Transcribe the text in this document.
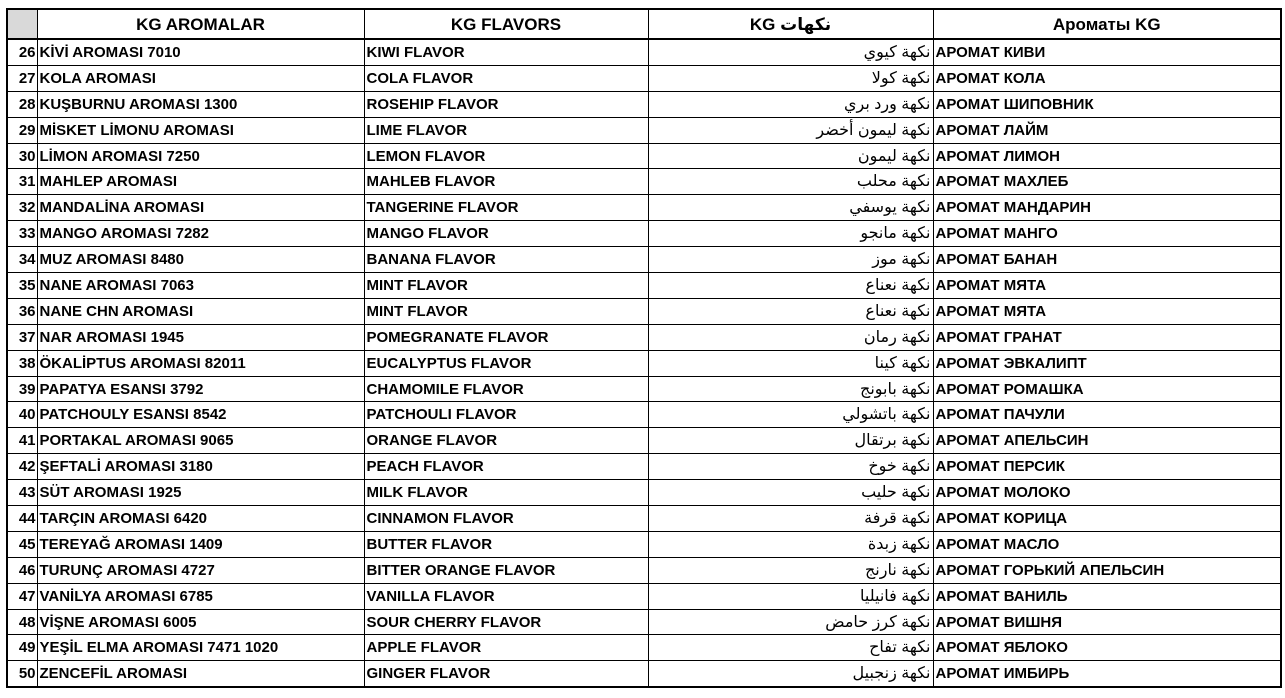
	KG AROMALAR	KG FLAVORS	نكهات KG	Ароматы KG
26	KİVİ AROMASI 7010	KIWI FLAVOR	نكهة كيوي	АРОМАТ КИВИ
27	KOLA AROMASI	COLA FLAVOR	نكهة كولا	АРОМАТ КОЛА
28	KUŞBURNU AROMASI 1300	ROSEHIP FLAVOR	نكهة ورد بري	АРОМАТ ШИПОВНИК
29	MİSKET LİMONU AROMASI	LIME FLAVOR	نكهة ليمون أخضر	АРОМАТ ЛАЙМ
30	LİMON AROMASI 7250	LEMON FLAVOR	نكهة ليمون	АРОМАТ ЛИМОН
31	MAHLEP AROMASI	MAHLEB FLAVOR	نكهة محلب	АРОМАТ МАХЛЕБ
32	MANDALİNA AROMASI	TANGERINE FLAVOR	نكهة يوسفي	АРОМАТ МАНДАРИН
33	MANGO AROMASI 7282	MANGO FLAVOR	نكهة مانجو	АРОМАТ МАНГО
34	MUZ AROMASI 8480	BANANA FLAVOR	نكهة موز	АРОМАТ БАНАН
35	NANE AROMASI 7063	MINT FLAVOR	نكهة نعناع	АРОМАТ МЯТА
36	NANE CHN AROMASI	MINT FLAVOR	نكهة نعناع	АРОМАТ МЯТА
37	NAR AROMASI 1945	POMEGRANATE FLAVOR	نكهة رمان	АРОМАТ ГРАНАТ
38	ÖKALİPTUS AROMASI 82011	EUCALYPTUS FLAVOR	نكهة كينا	АРОМАТ ЭВКАЛИПТ
39	PAPATYA ESANSI 3792	CHAMOMILE FLAVOR	نكهة بابونج	АРОМАТ РОМАШКА
40	PATCHOULY ESANSI 8542	PATCHOULI FLAVOR	نكهة باتشولي	АРОМАТ ПАЧУЛИ
41	PORTAKAL AROMASI 9065	ORANGE FLAVOR	نكهة برتقال	АРОМАТ АПЕЛЬСИН
42	ŞEFTALİ AROMASI 3180	PEACH FLAVOR	نكهة خوخ	АРОМАТ ПЕРСИК
43	SÜT AROMASI 1925	MILK FLAVOR	نكهة حليب	АРОМАТ МОЛОКО
44	TARÇIN AROMASI 6420	CINNAMON FLAVOR	نكهة قرفة	АРОМАТ КОРИЦА
45	TEREYAĞ AROMASI 1409	BUTTER FLAVOR	نكهة زبدة	АРОМАТ МАСЛО
46	TURUNÇ AROMASI 4727	BITTER ORANGE FLAVOR	نكهة نارنج	АРОМАТ ГОРЬКИЙ АПЕЛЬСИН
47	VANİLYA AROMASI 6785	VANILLA FLAVOR	نكهة فانيليا	АРОМАТ ВАНИЛЬ
48	VİŞNE AROMASI 6005	SOUR CHERRY FLAVOR	نكهة كرز حامض	АРОМАТ ВИШНЯ
49	YEŞİL ELMA AROMASI 7471 1020	APPLE FLAVOR	نكهة تفاح	АРОМАТ ЯБЛОКО
50	ZENCEFİL AROMASI	GINGER FLAVOR	نكهة زنجبيل	АРОМАТ ИМБИРЬ
